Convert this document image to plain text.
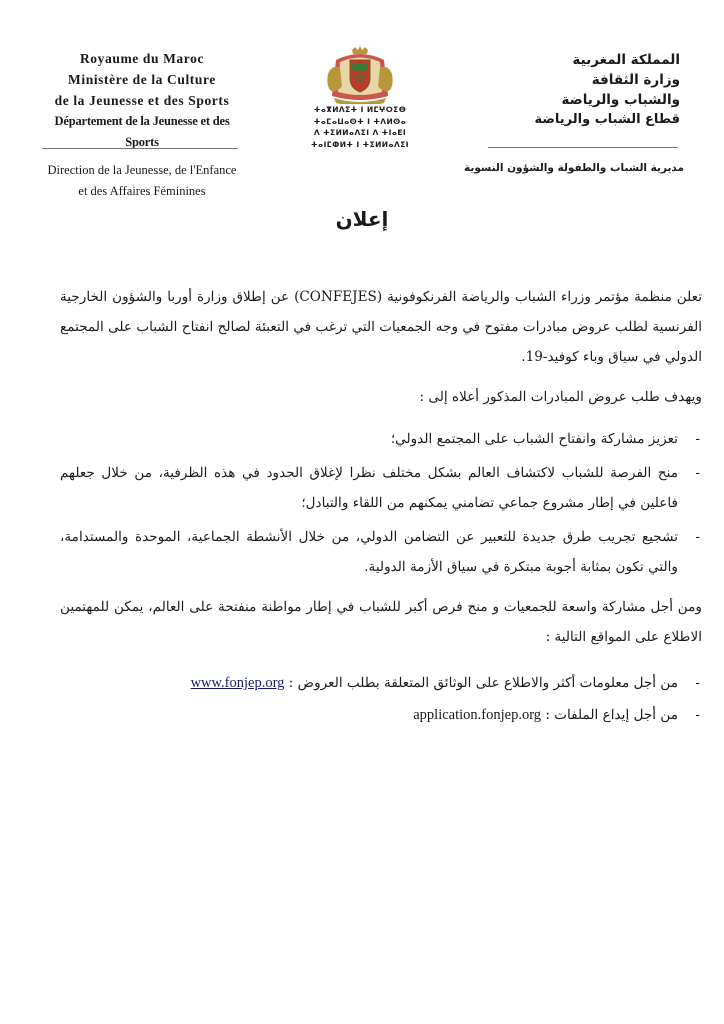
Royaume du Maroc
Ministère de la Culture
de la Jeunesse et des Sports
Département de la Jeunesse et des Sports
Direction de la Jeunesse, de l'Enfance
et des Affaires Féminines
ⵜⴰⴳⵍⴷⵉⵜ ⵏ ⵍⵎⵖⵔⵉⴱ
ⵜⴰⵎⴰⵡⴰⵙⵜ ⵏ ⵜⴷⵍⵙⴰ
ⴷ ⵜⵉⵍⵍⴰⴷⵉⵏ ⴷ ⵜⵏⴰⴹⵏ
ⵜⴰⵏⵎⵀⵍⵜ ⵏ ⵜⵉⵍⵍⴰⴷⵉⵏ
المملكة المغربية
وزارة الثقافة
والشباب والرياضة
قطاع الشباب والرياضة
مديرية الشباب والطفولة والشؤون النسوية
إعلان

تعلن منظمة مؤتمر وزراء الشباب والرياضة الفرنكوفونية (CONFEJES) عن إطلاق وزارة أوربا والشؤون الخارجية الفرنسية لطلب عروض مبادرات مفتوح في وجه الجمعيات التي ترغب في التعبئة لصالح انفتاح الشباب على المجتمع الدولي في سياق وباء كوفيد-19.

ويهدف طلب عروض المبادرات المذكور أعلاه إلى :

-
تعزيز مشاركة وانفتاح الشباب على المجتمع الدولي؛
-
منح الفرصة للشباب لاكتشاف العالم بشكل مختلف نظرا لإغلاق الحدود في هذه الظرفية، من خلال جعلهم فاعلين في إطار مشروع جماعي تضامني يمكنهم من اللقاء والتبادل؛
-
تشجيع تجريب طرق جديدة للتعبير عن التضامن الدولي، من خلال الأنشطة الجماعية، الموحدة والمستدامة، والتي تكون بمثابة أجوبة مبتكرة في سياق الأزمة الدولية.

ومن أجل مشاركة واسعة للجمعيات و منح فرص أكبر للشباب في إطار مواطنة منفتحة على العالم، يمكن للمهتمين الاطلاع على المواقع التالية :

-
من أجل معلومات أكثر والاطلاع على الوثائق المتعلقة بطلب العروض : www.fonjep.org
-
من أجل إيداع الملفات : application.fonjep.org
